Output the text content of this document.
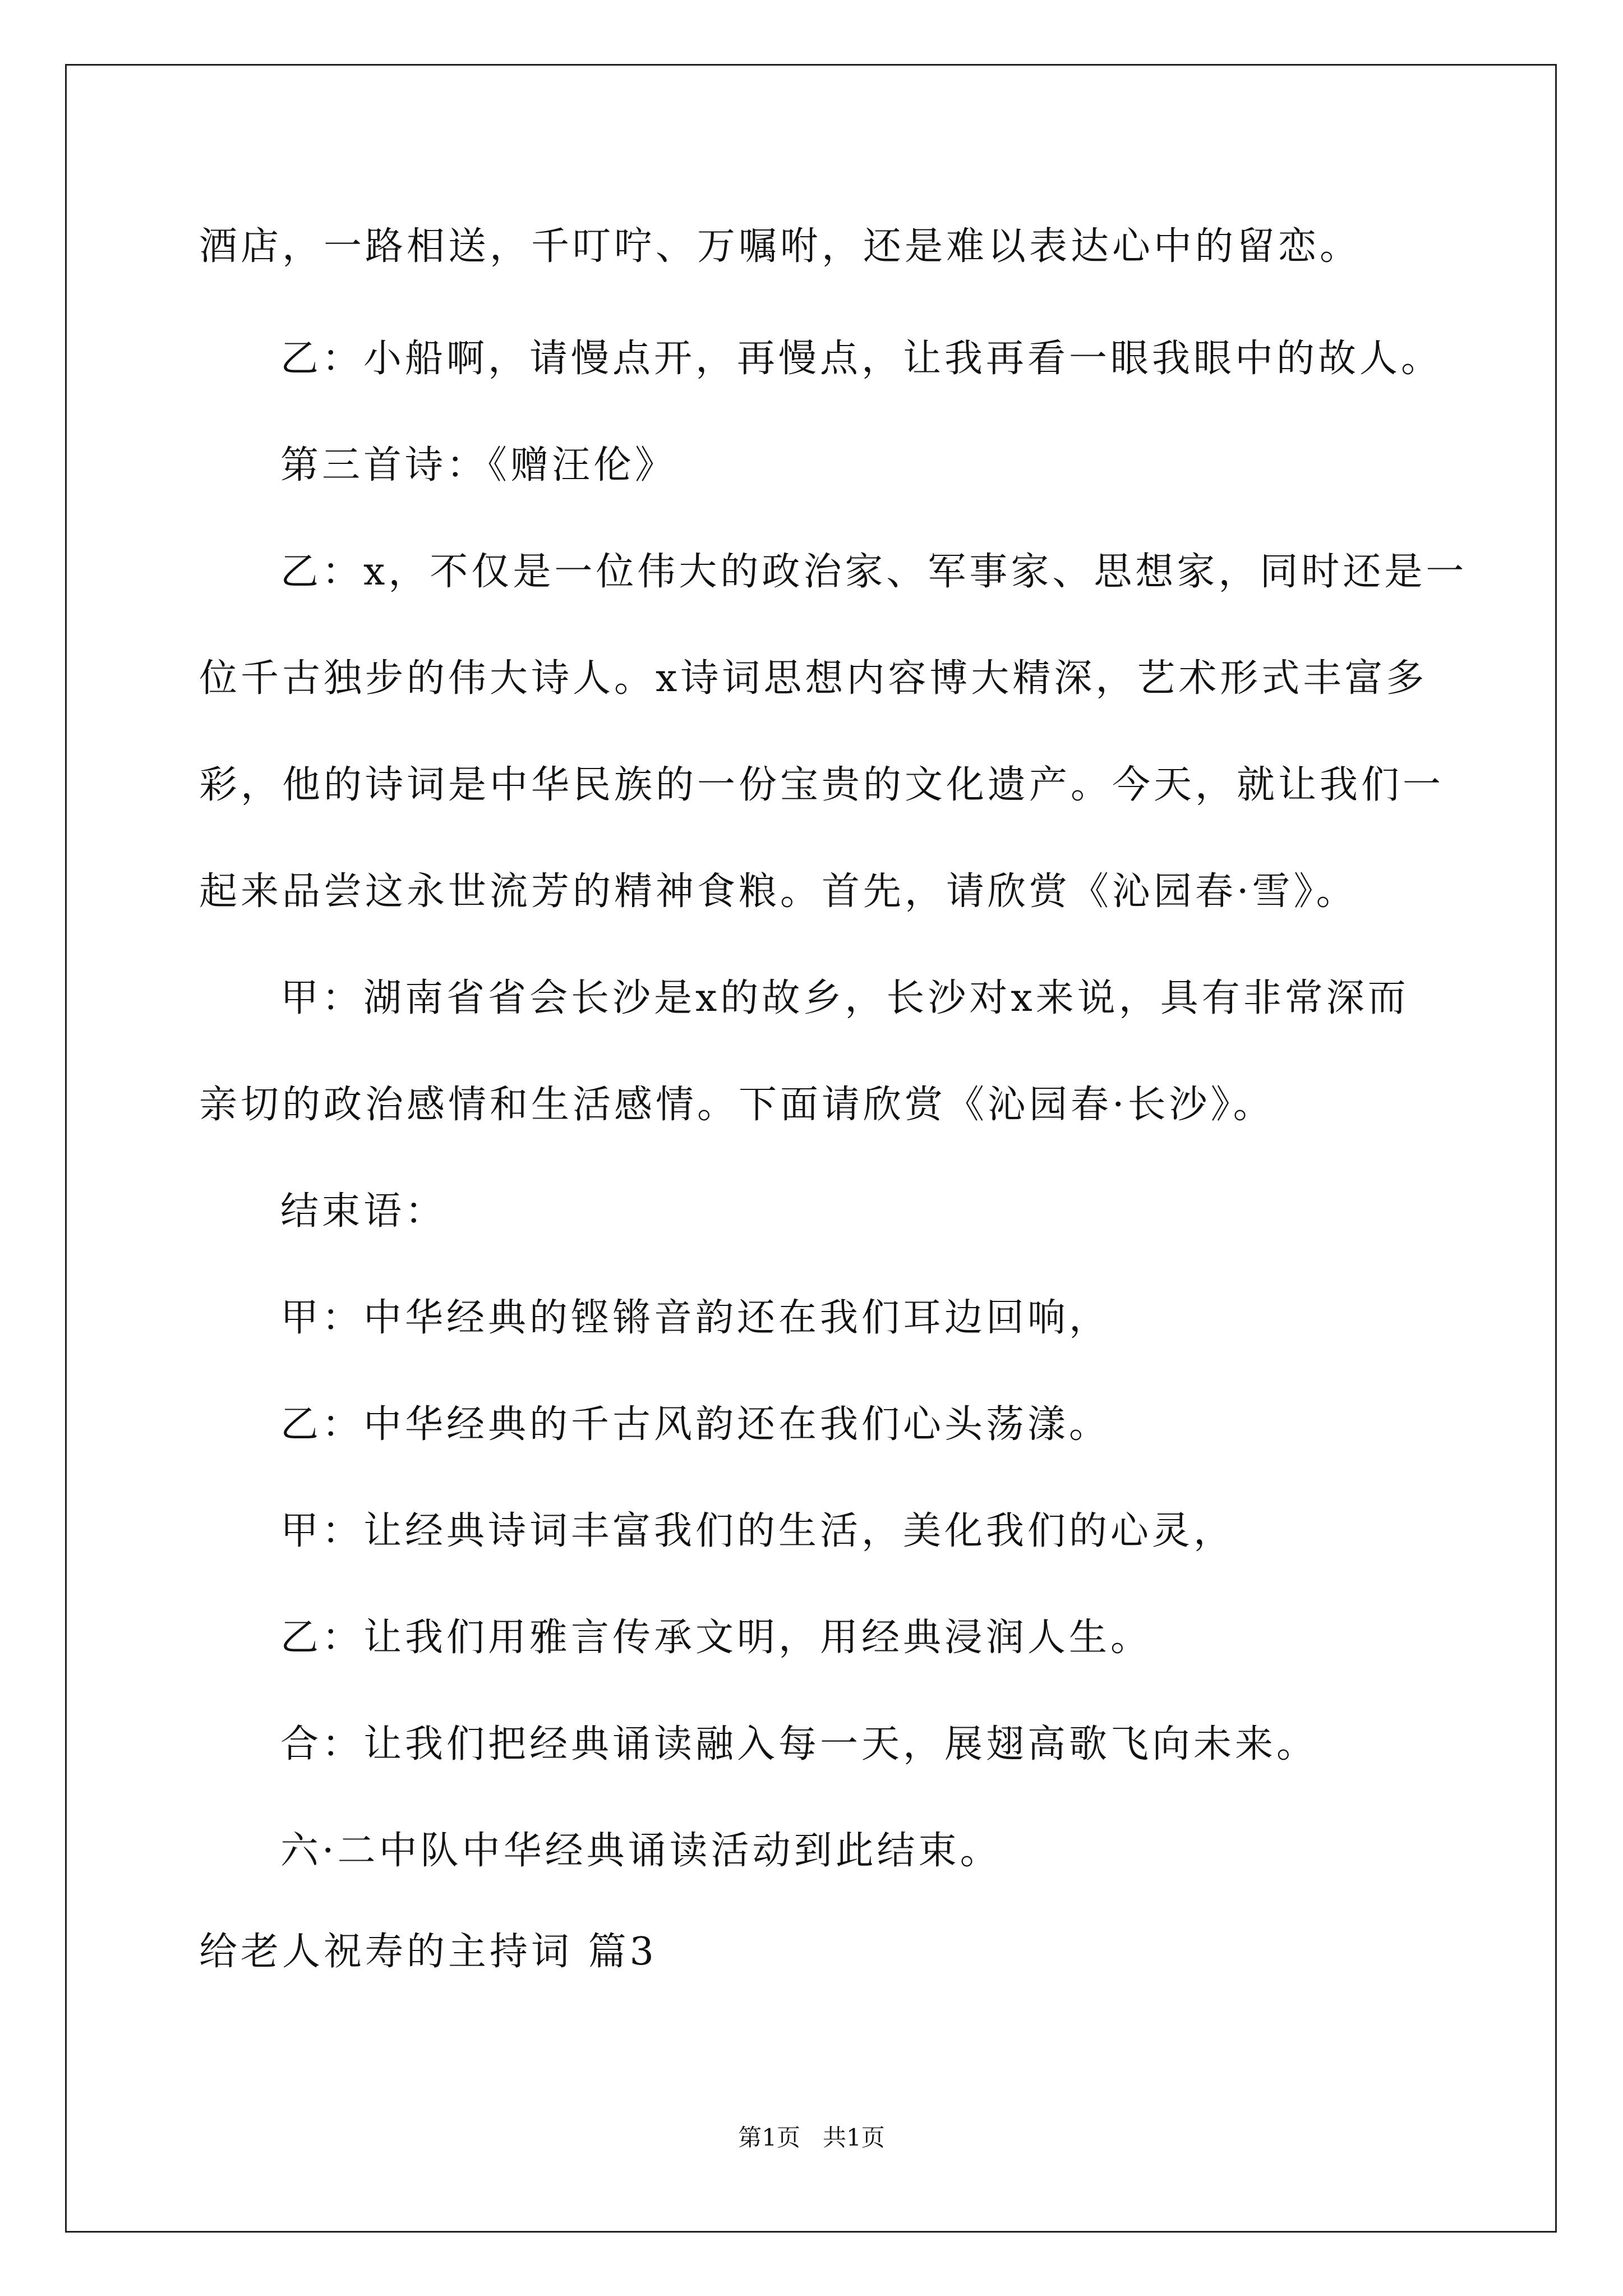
酒店，一路相送，千叮咛、万嘱咐，还是难以表达心中的留恋。
乙：小船啊，请慢点开，再慢点，让我再看一眼我眼中的故人。
第三首诗：《赠汪伦》
乙：x，不仅是一位伟大的政治家、军事家、思想家，同时还是一
位千古独步的伟大诗人。x诗词思想内容博大精深，艺术形式丰富多
彩，他的诗词是中华民族的一份宝贵的文化遗产。今天，就让我们一
起来品尝这永世流芳的精神食粮。首先，请欣赏《沁园春·雪》。
甲：湖南省省会长沙是x的故乡，长沙对x来说，具有非常深而
亲切的政治感情和生活感情。下面请欣赏《沁园春·长沙》。
结束语：
甲：中华经典的铿锵音韵还在我们耳边回响，
乙：中华经典的千古风韵还在我们心头荡漾。
甲：让经典诗词丰富我们的生活，美化我们的心灵，
乙：让我们用雅言传承文明，用经典浸润人生。
合：让我们把经典诵读融入每一天，展翅高歌飞向未来。
六·二中队中华经典诵读活动到此结束。
给老人祝寿的主持词 篇3
第1页   共1页
